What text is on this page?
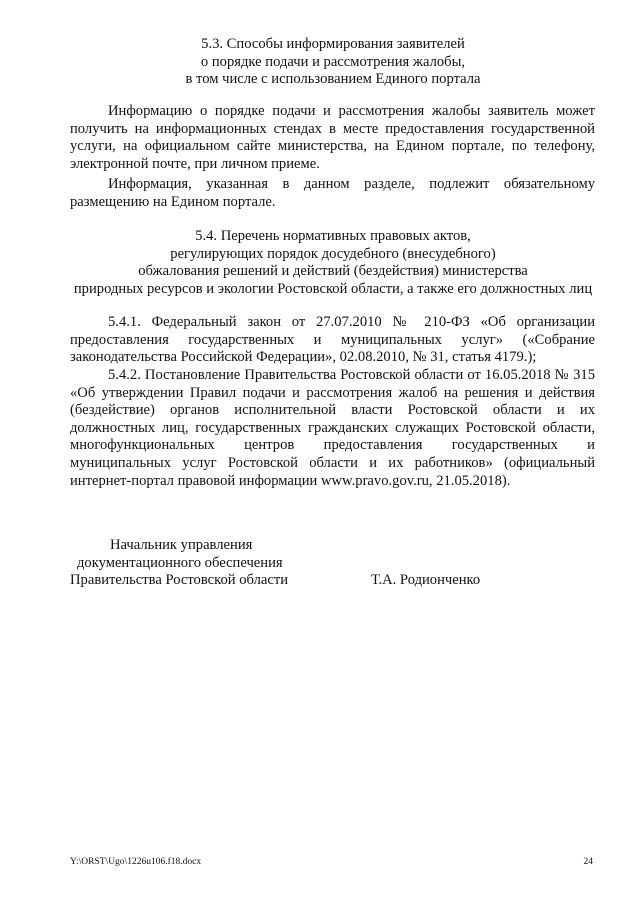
5.3. Способы информирования заявителей
о порядке подачи и рассмотрения жалобы,
в том числе с использованием Единого портала

Информацию о порядке подачи и рассмотрения жалобы заявитель может получить на информационных стендах в месте предоставления государственной услуги, на официальном сайте министерства, на Едином портале, по телефону, электронной почте, при личном приеме.

Информация, указанная в данном разделе, подлежит обязательному размещению на Едином портале.

5.4. Перечень нормативных правовых актов,
регулирующих порядок досудебного (внесудебного)
обжалования решений и действий (бездействия) министерства
природных ресурсов и экологии Ростовской области, а также его должностных лиц

5.4.1. Федеральный закон от 27.07.2010 № 210-ФЗ «Об организации предоставления государственных и муниципальных услуг» («Собрание законодательства Российской Федерации», 02.08.2010, № 31, статья 4179.);

5.4.2. Постановление Правительства Ростовской области от 16.05.2018 № 315 «Об утверждении Правил подачи и рассмотрения жалоб на решения и действия (бездействие) органов исполнительной власти Ростовской области и их должностных лиц, государственных гражданских служащих Ростовской области, многофункциональных центров предоставления государственных и муниципальных услуг Ростовской области и их работников» (официальный интернет-портал правовой информации www.pravo.gov.ru, 21.05.2018).

Начальник управления
документационного обеспечения
Правительства Ростовской области	Т.А. Родионченко
Y:\ORST\Ugo\1226u106.f18.docx	24
